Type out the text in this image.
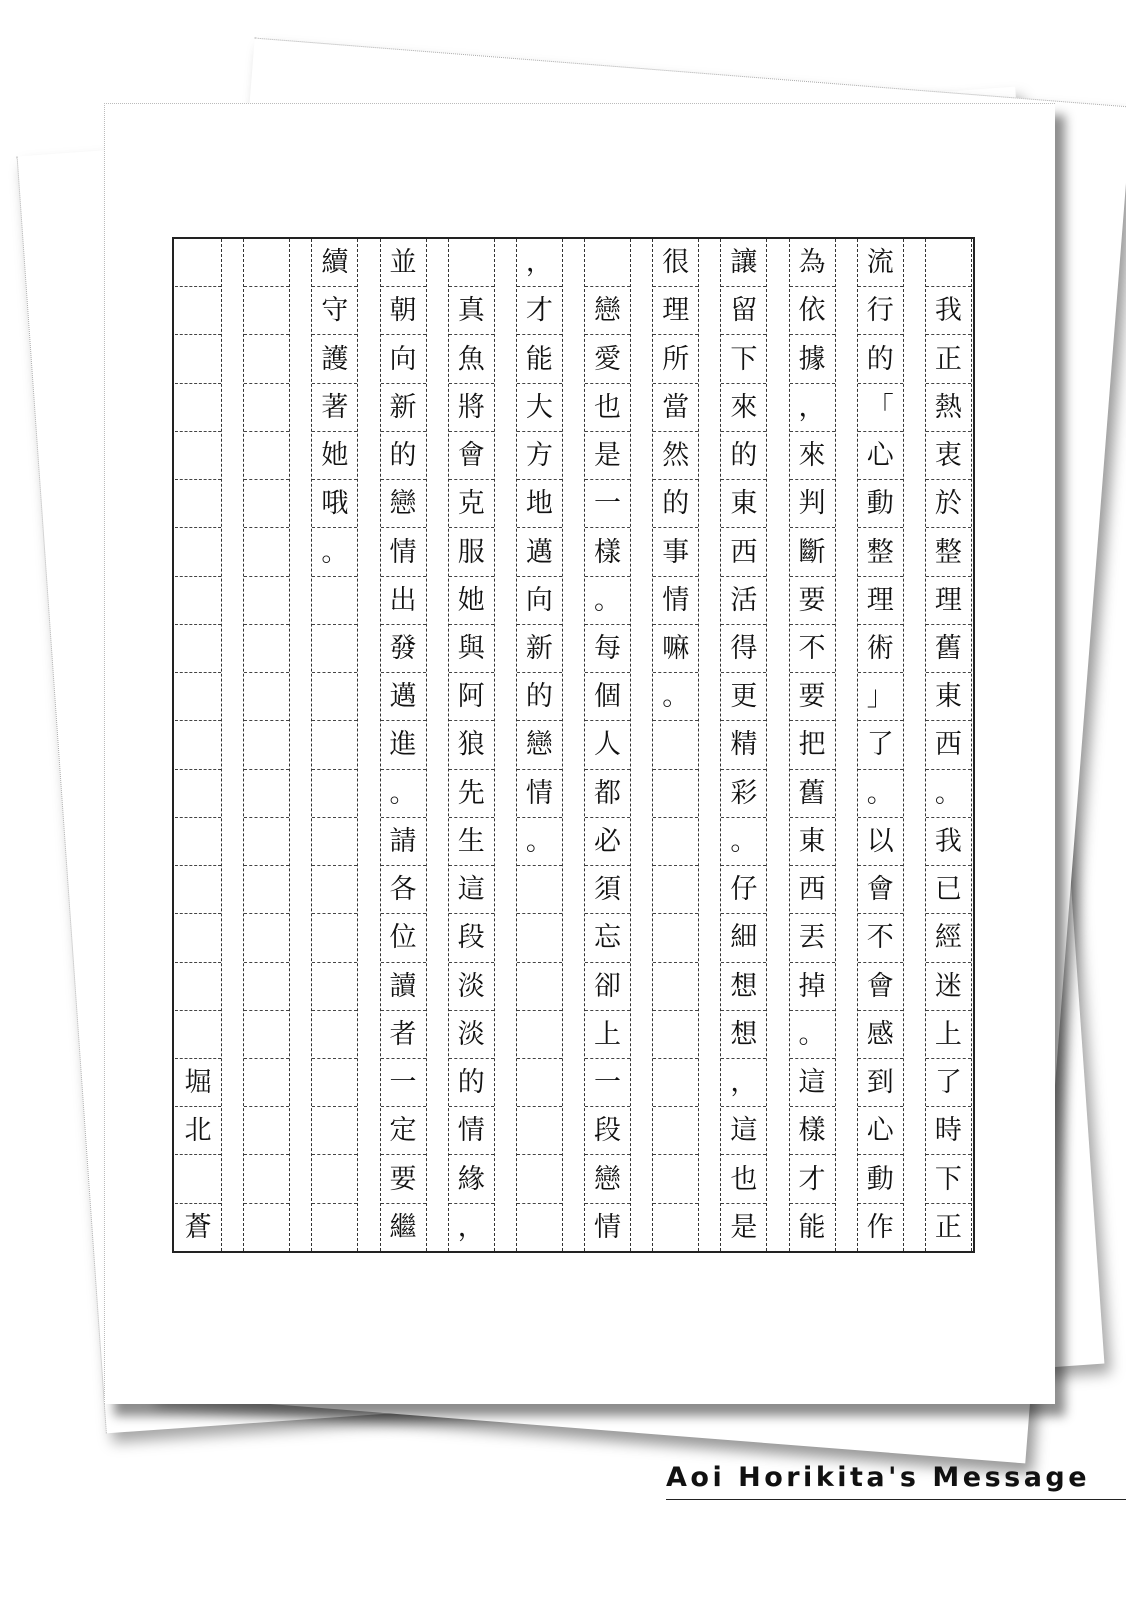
我
正
熱
衷
於
整
理
舊
東
西
。
我
已
經
迷
上
了
時
下
正
流
行
的
「
心
動
整
理
術
」
了
。
以
會
不
會
感
到
心
動
作
為
依
據
，
來
判
斷
要
不
要
把
舊
東
西
丟
掉
。
這
樣
才
能
讓
留
下
來
的
東
西
活
得
更
精
彩
。
仔
細
想
想
，
這
也
是
很
理
所
當
然
的
事
情
嘛
。
戀
愛
也
是
一
樣
。
每
個
人
都
必
須
忘
卻
上
一
段
戀
情
，
才
能
大
方
地
邁
向
新
的
戀
情
。
真
魚
將
會
克
服
她
與
阿
狼
先
生
這
段
淡
淡
的
情
緣
，
並
朝
向
新
的
戀
情
出
發
邁
進
。
請
各
位
讀
者
一
定
要
繼
續
守
護
著
她
哦
。
堀
北
蒼
Aoi Horikita's Message
